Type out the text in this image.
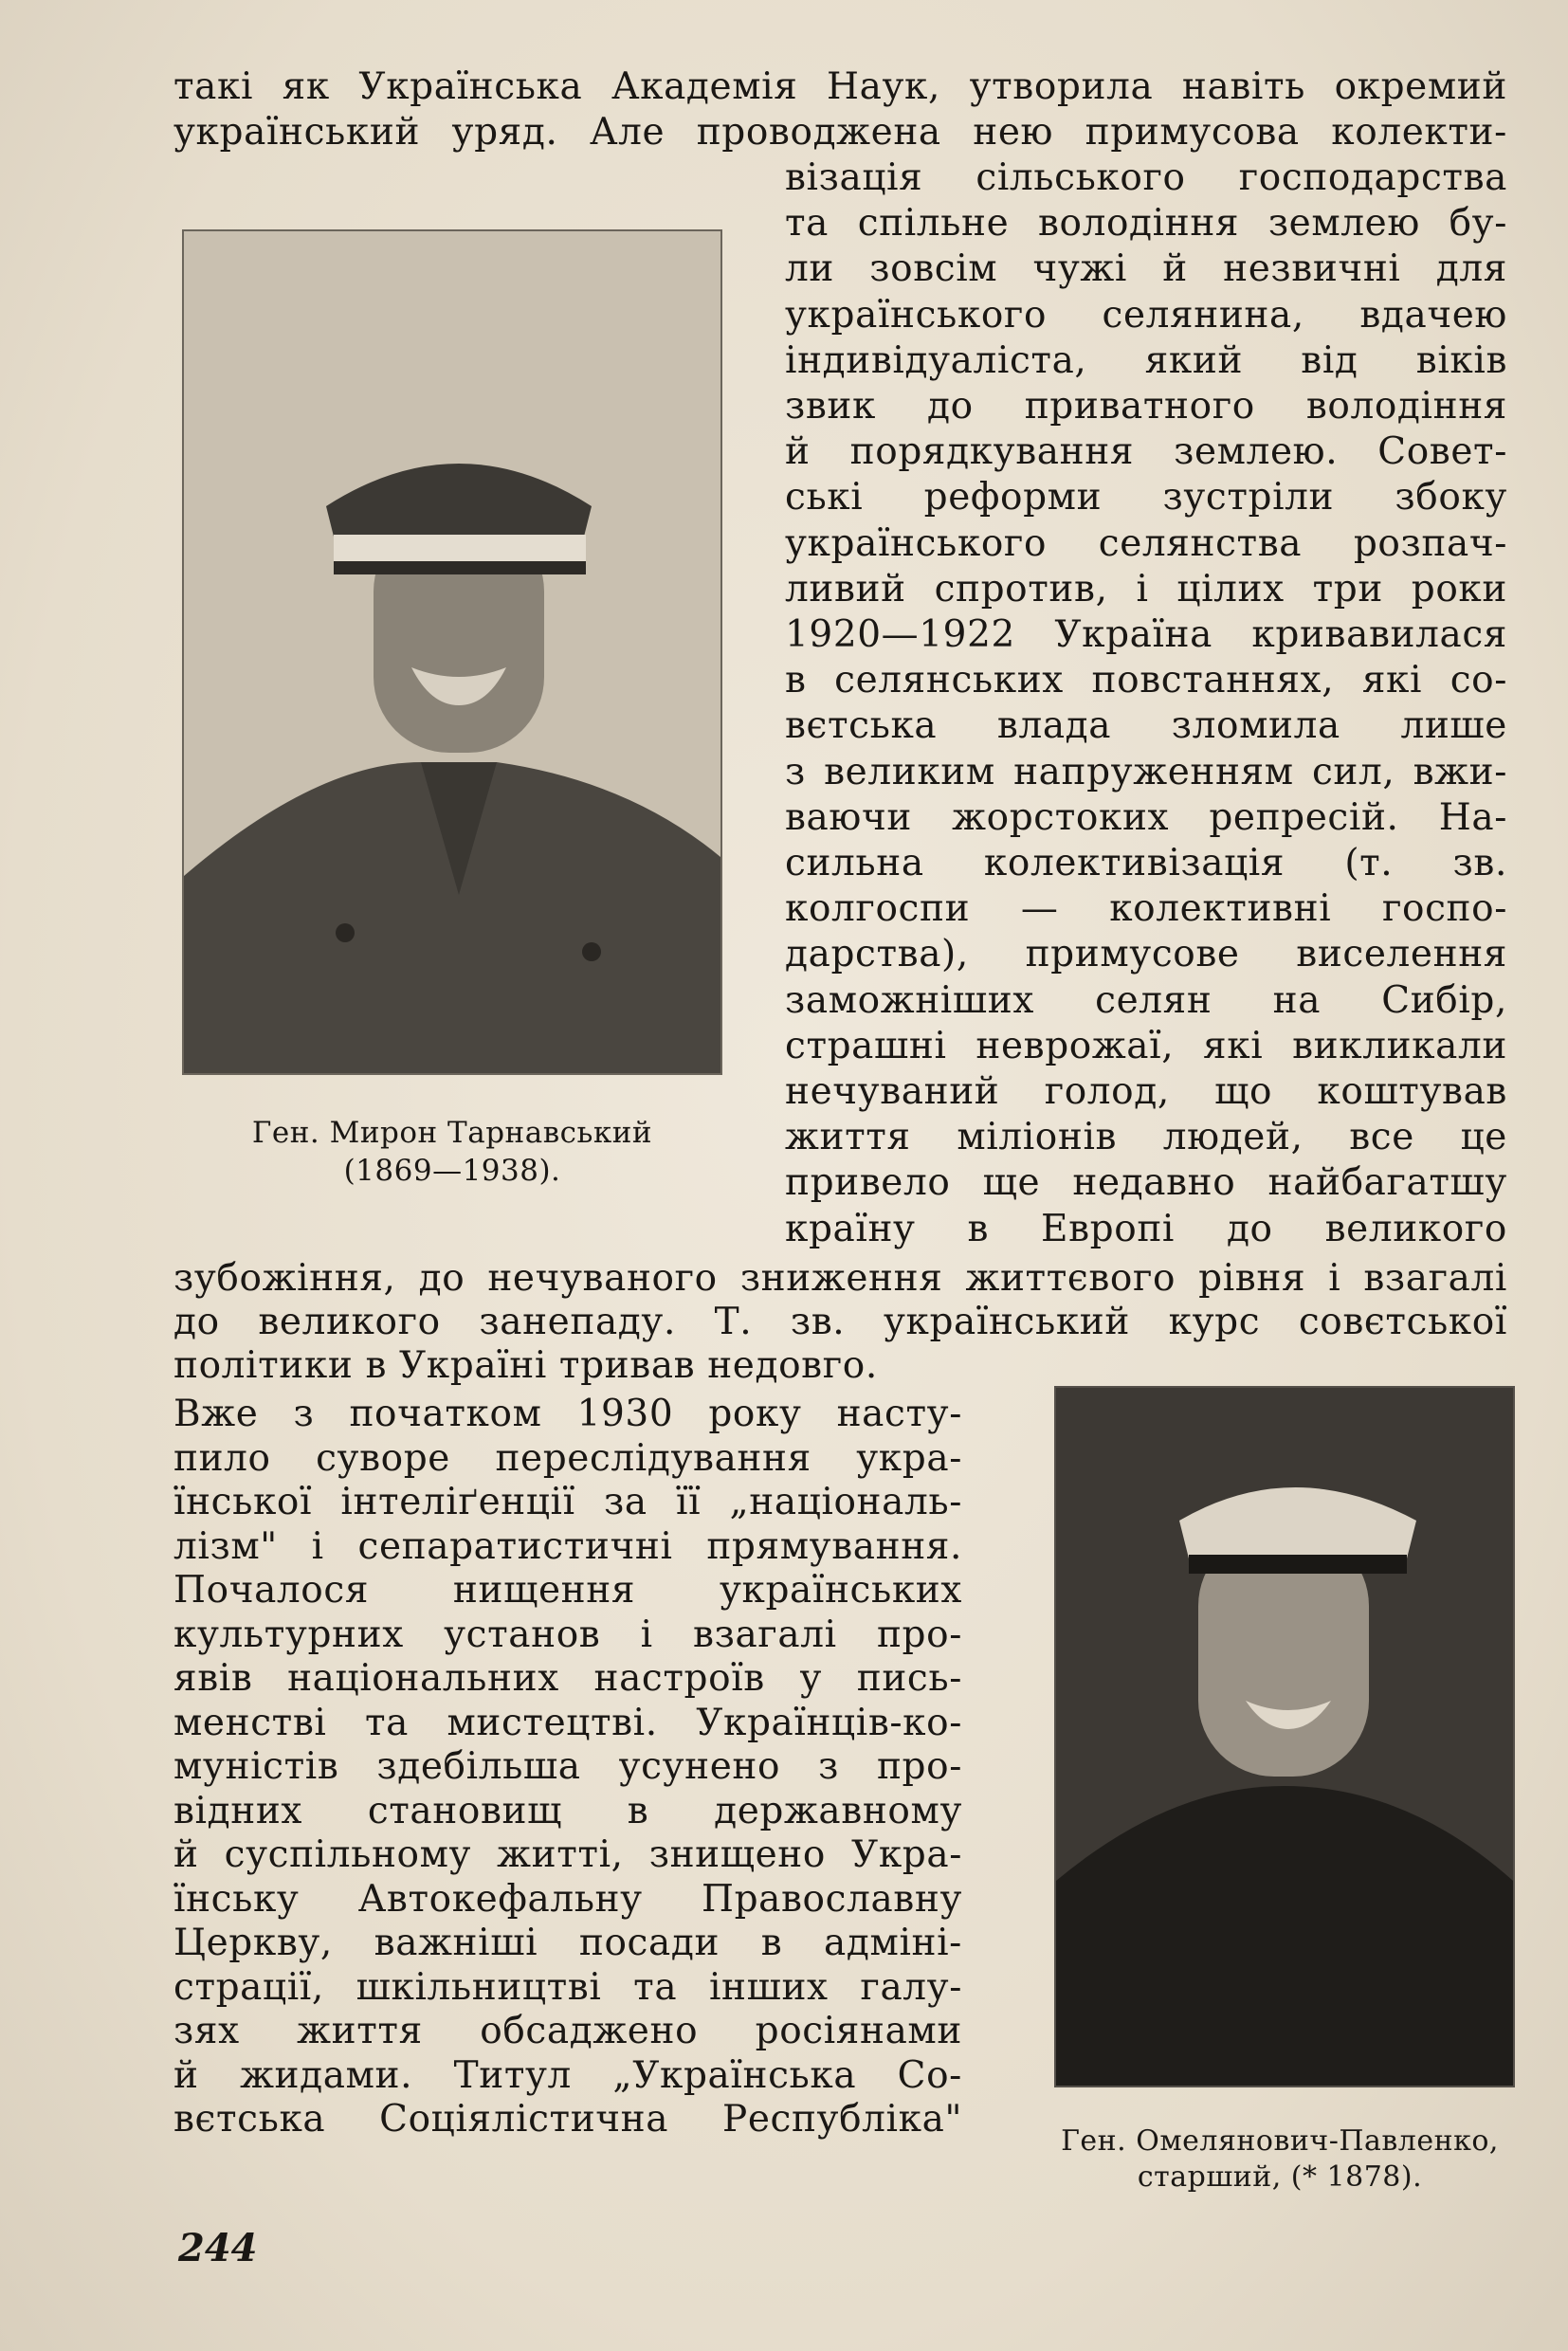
такі як Українська Академія Наук, утворила навіть окремий
український уряд. Але проводжена нею примусова колекти-
Ген. Мирон Тарнавський
(1869—1938).
візація сільського господарства
та спільне володіння землею бу-
ли зовсім чужі й незвичні для
українського селянина, вдачею
індивідуаліста, який від віків
звик до приватного володіння
й порядкування землею. Совет-
ські реформи зустріли збоку
українського селянства розпач-
ливий спротив, і цілих три роки
1920—1922 Україна кривавилася
в селянських повстаннях, які со-
вєтська влада зломила лише
з великим напруженням сил, вжи-
ваючи жорстоких репресій. На-
сильна колективізація (т. зв.
колгоспи — колективні госпо-
дарства), примусове виселення
заможніших селян на Сибір,
страшні неврожаї, які викликали
нечуваний голод, що коштував
життя міліонів людей, все це
привело ще недавно найбагатшу
країну в Европі до великого
зубожіння, до нечуваного зниження життєвого рівня і взагалі
до великого занепаду. Т. зв. український курс совєтської
політики в Україні тривав недовго.
Вже з початком 1930 року насту-
пило суворе переслідування укра-
їнської інтеліґенції за її „національ-
лізм" і сепаратистичні прямування.
Почалося нищення українських
культурних установ і взагалі про-
явів національних настроїв у пись-
менстві та мистецтві. Українців-ко-
муністів здебільша усунено з про-
відних становищ в державному
й суспільному житті, знищено Укра-
їнську Автокефальну Православну
Церкву, важніші посади в адміні-
страції, шкільництві та інших галу-
зях життя обсаджено росіянами
й жидами. Титул „Українська Со-
вєтська Соціялістична Республіка"
Ген. Омелянович-Павленко,
старший, (* 1878).
244
